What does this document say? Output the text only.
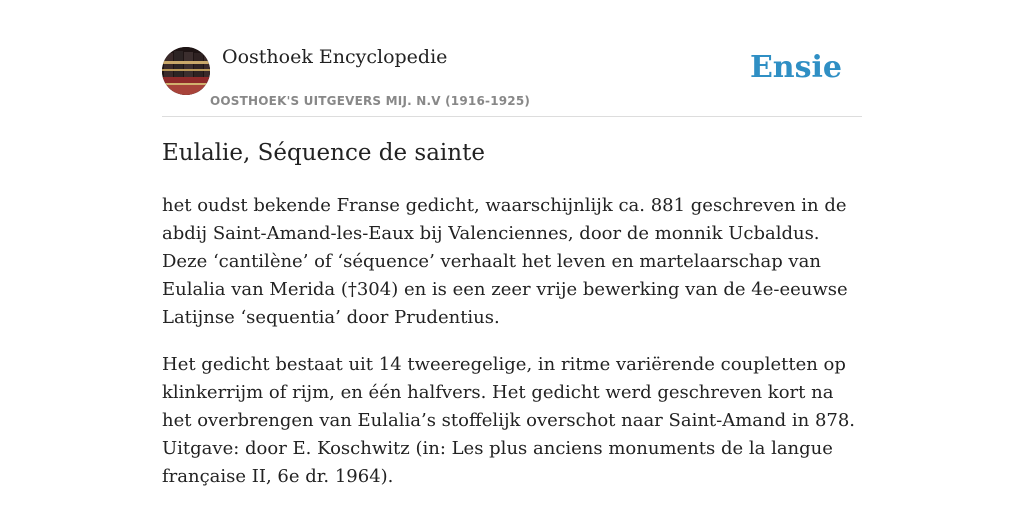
Oosthoek Encyclopedie
OOSTHOEK'S UITGEVERS MIJ. N.V (1916-1925)
Ensie
Eulalie, Séquence de sainte

het oudst bekende Franse gedicht, waarschijnlijk ca. 881 geschreven in de abdij Saint-Amand-les-Eaux bij Valenciennes, door de monnik Ucbaldus. Deze ‘cantilène’ of ‘séquence’ verhaalt het leven en martelaarschap van Eulalia van Merida (†304) en is een zeer vrije bewerking van de 4e-eeuwse Latijnse ‘sequentia’ door Prudentius.

Het gedicht bestaat uit 14 tweeregelige, in ritme variërende coupletten op klinkerrijm of rijm, en één halfvers. Het gedicht werd geschreven kort na het overbrengen van Eulalia’s stoffelijk overschot naar Saint-Amand in 878. Uitgave: door E. Koschwitz (in: Les plus anciens monuments de la langue française II, 6e dr. 1964).
